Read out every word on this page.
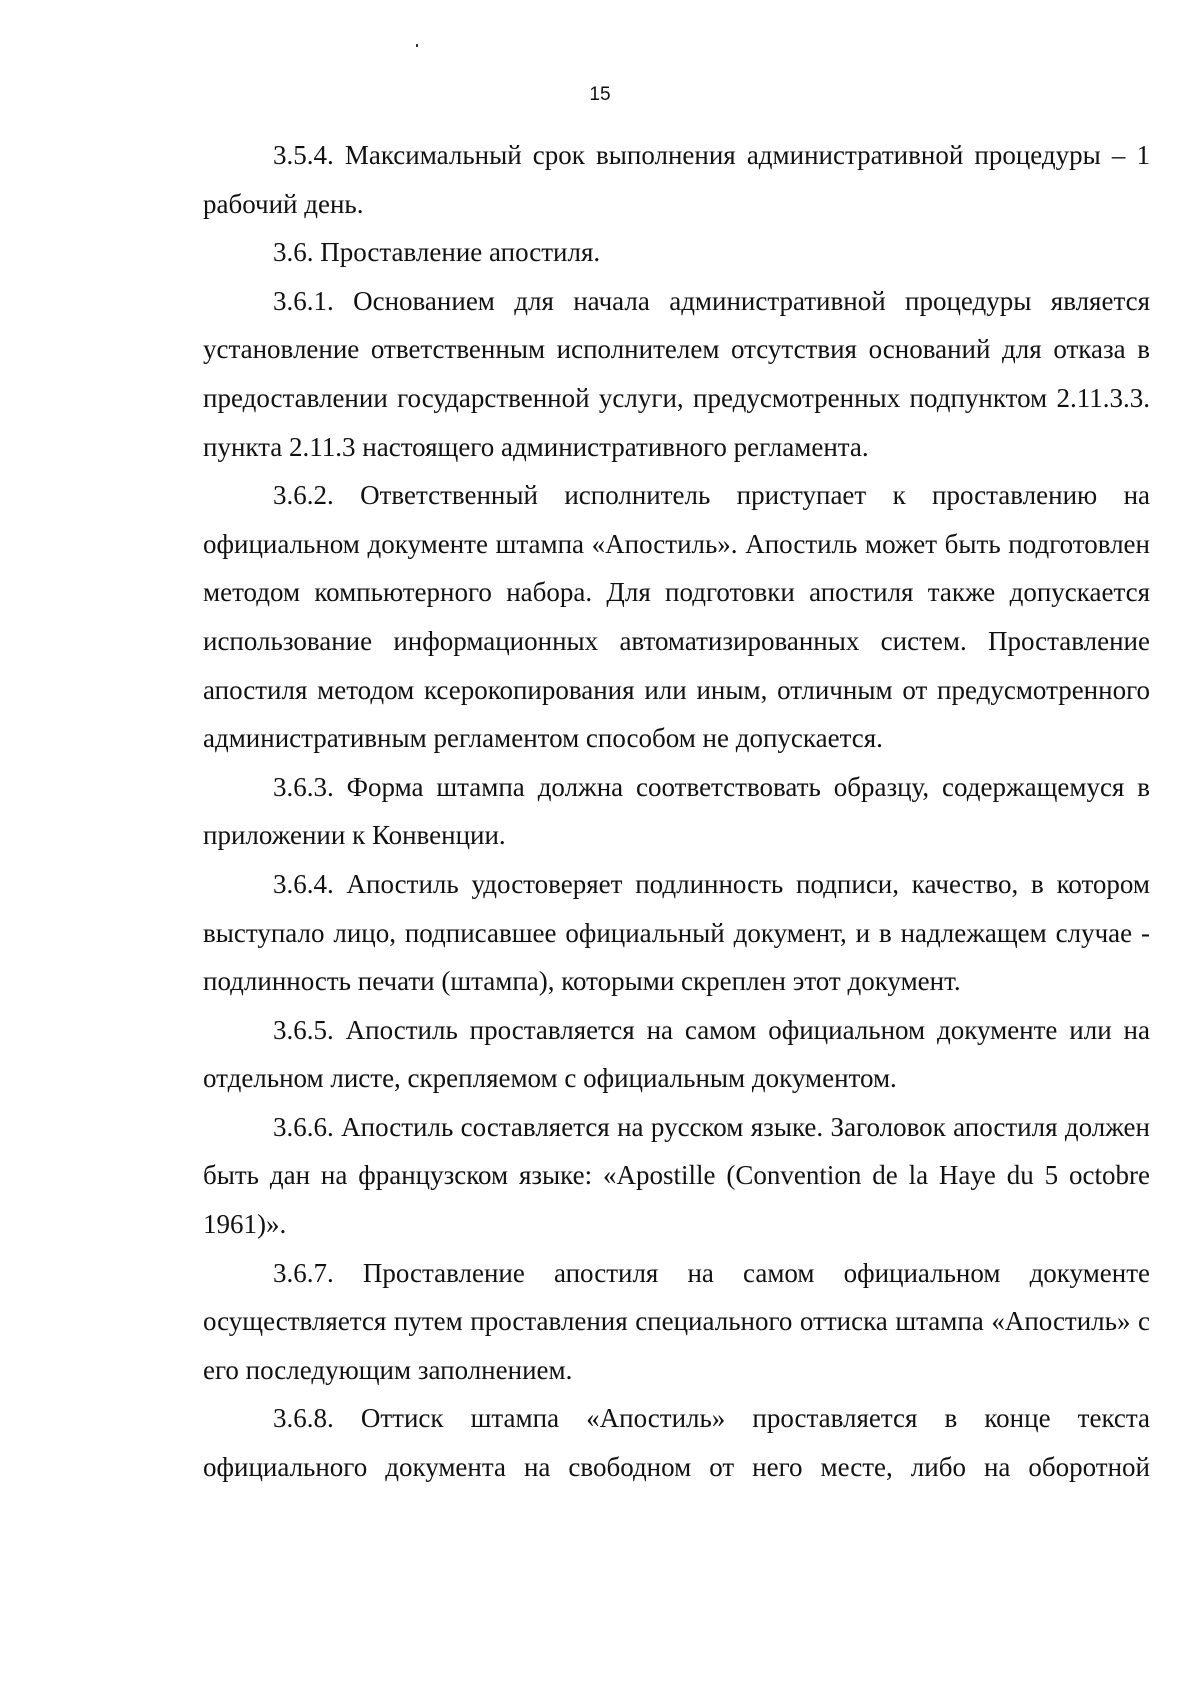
15

3.5.4. Максимальный срок выполнения административной процедуры – 1 рабочий день.

3.6. Проставление апостиля.

3.6.1. Основанием для начала административной процедуры является установление ответственным исполнителем отсутствия оснований для отказа в предоставлении государственной услуги, предусмотренных подпунктом 2.11.3.3. пункта 2.11.3 настоящего административного регламента.

3.6.2. Ответственный исполнитель приступает к проставлению на официальном документе штампа «Апостиль». Апостиль может быть подготовлен методом компьютерного набора. Для подготовки апостиля также допускается использование информационных автоматизированных систем. Проставление апостиля методом ксерокопирования или иным, отличным от предусмотренного административным регламентом способом не допускается.

3.6.3. Форма штампа должна соответствовать образцу, содержащемуся в приложении к Конвенции.

3.6.4. Апостиль удостоверяет подлинность подписи, качество, в котором выступало лицо, подписавшее официальный документ, и в надлежащем случае - подлинность печати (штампа), которыми скреплен этот документ.

3.6.5. Апостиль проставляется на самом официальном документе или на отдельном листе, скрепляемом с официальным документом.

3.6.6. Апостиль составляется на русском языке. Заголовок апостиля должен быть дан на французском языке: «Apostille (Convention de la Haye du 5 octobre 1961)».

3.6.7. Проставление апостиля на самом официальном документе осуществляется путем проставления специального оттиска штампа «Апостиль» с его последующим заполнением.

3.6.8. Оттиск штампа «Апостиль» проставляется в конце текста официального документа на свободном от него месте, либо на оборотной
